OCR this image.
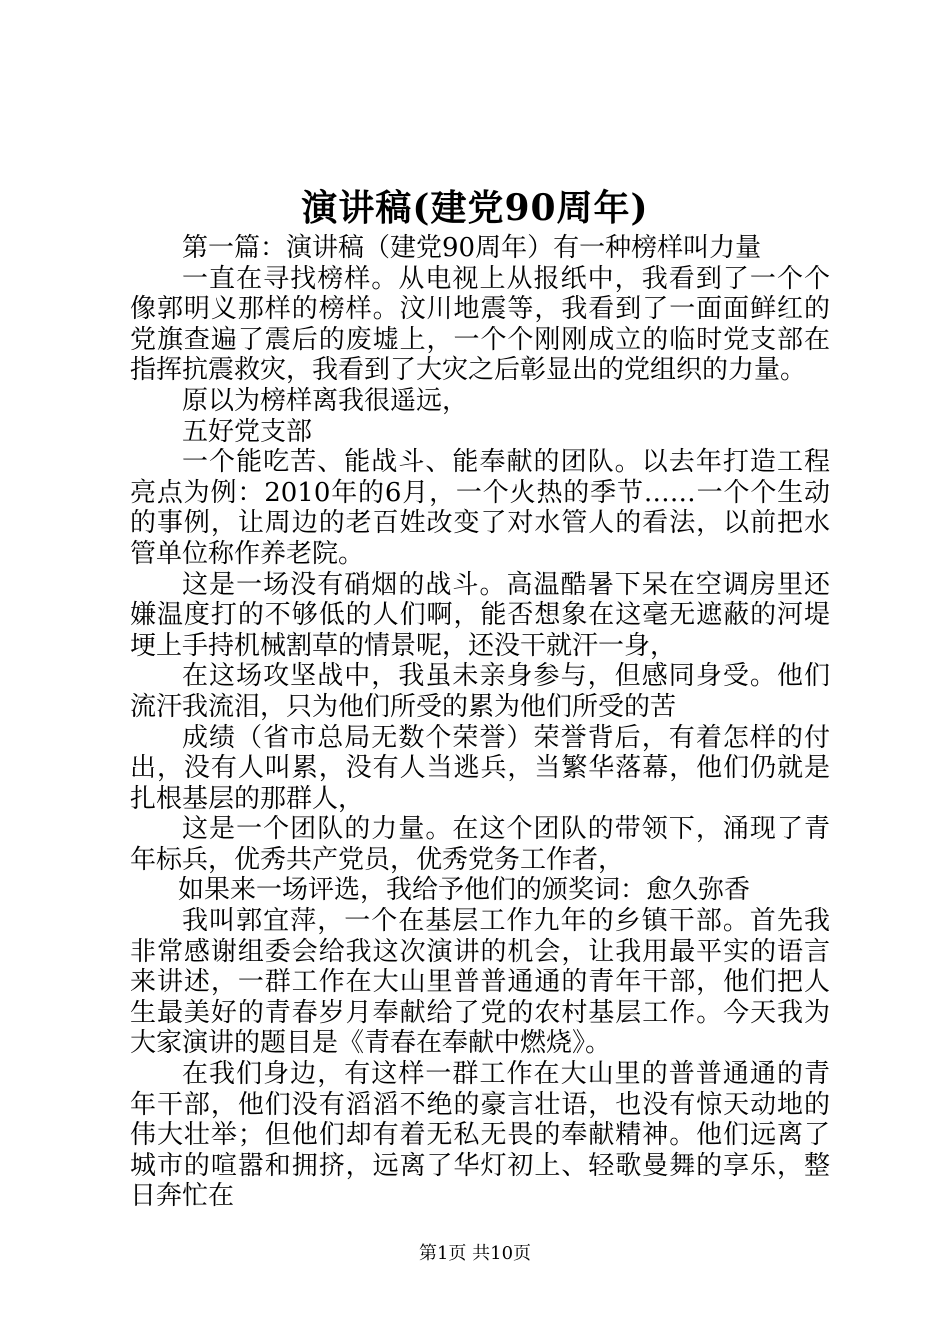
演讲稿(建党90周年)

第一篇：演讲稿（建党90周年）有一种榜样叫力量

一直在寻找榜样。从电视上从报纸中，我看到了一个个像郭明义那样的榜样。汶川地震等，我看到了一面面鲜红的党旗查遍了震后的废墟上，一个个刚刚成立的临时党支部在指挥抗震救灾，我看到了大灾之后彰显出的党组织的力量。

原以为榜样离我很遥远，

五好党支部

一个能吃苦、能战斗、能奉献的团队。以去年打造工程亮点为例：2010年的6月，一个火热的季节……一个个生动的事例，让周边的老百姓改变了对水管人的看法，以前把水管单位称作养老院。

这是一场没有硝烟的战斗。高温酷暑下呆在空调房里还嫌温度打的不够低的人们啊，能否想象在这毫无遮蔽的河堤埂上手持机械割草的情景呢，还没干就汗一身，

在这场攻坚战中，我虽未亲身参与，但感同身受。他们流汗我流泪，只为他们所受的累为他们所受的苦

成绩（省市总局无数个荣誉）荣誉背后，有着怎样的付出，没有人叫累，没有人当逃兵，当繁华落幕，他们仍就是扎根基层的那群人，

这是一个团队的力量。在这个团队的带领下，涌现了青年标兵，优秀共产党员，优秀党务工作者，

如果来一场评选，我给予他们的颁奖词：愈久弥香

我叫郭宜萍，一个在基层工作九年的乡镇干部。首先我非常感谢组委会给我这次演讲的机会，让我用最平实的语言来讲述，一群工作在大山里普普通通的青年干部，他们把人生最美好的青春岁月奉献给了党的农村基层工作。今天我为大家演讲的题目是《青春在奉献中燃烧》。

在我们身边，有这样一群工作在大山里的普普通通的青年干部，他们没有滔滔不绝的豪言壮语，也没有惊天动地的伟大壮举；但他们却有着无私无畏的奉献精神。他们远离了城市的喧嚣和拥挤，远离了华灯初上、轻歌曼舞的享乐，整日奔忙在

第1页 共10页
